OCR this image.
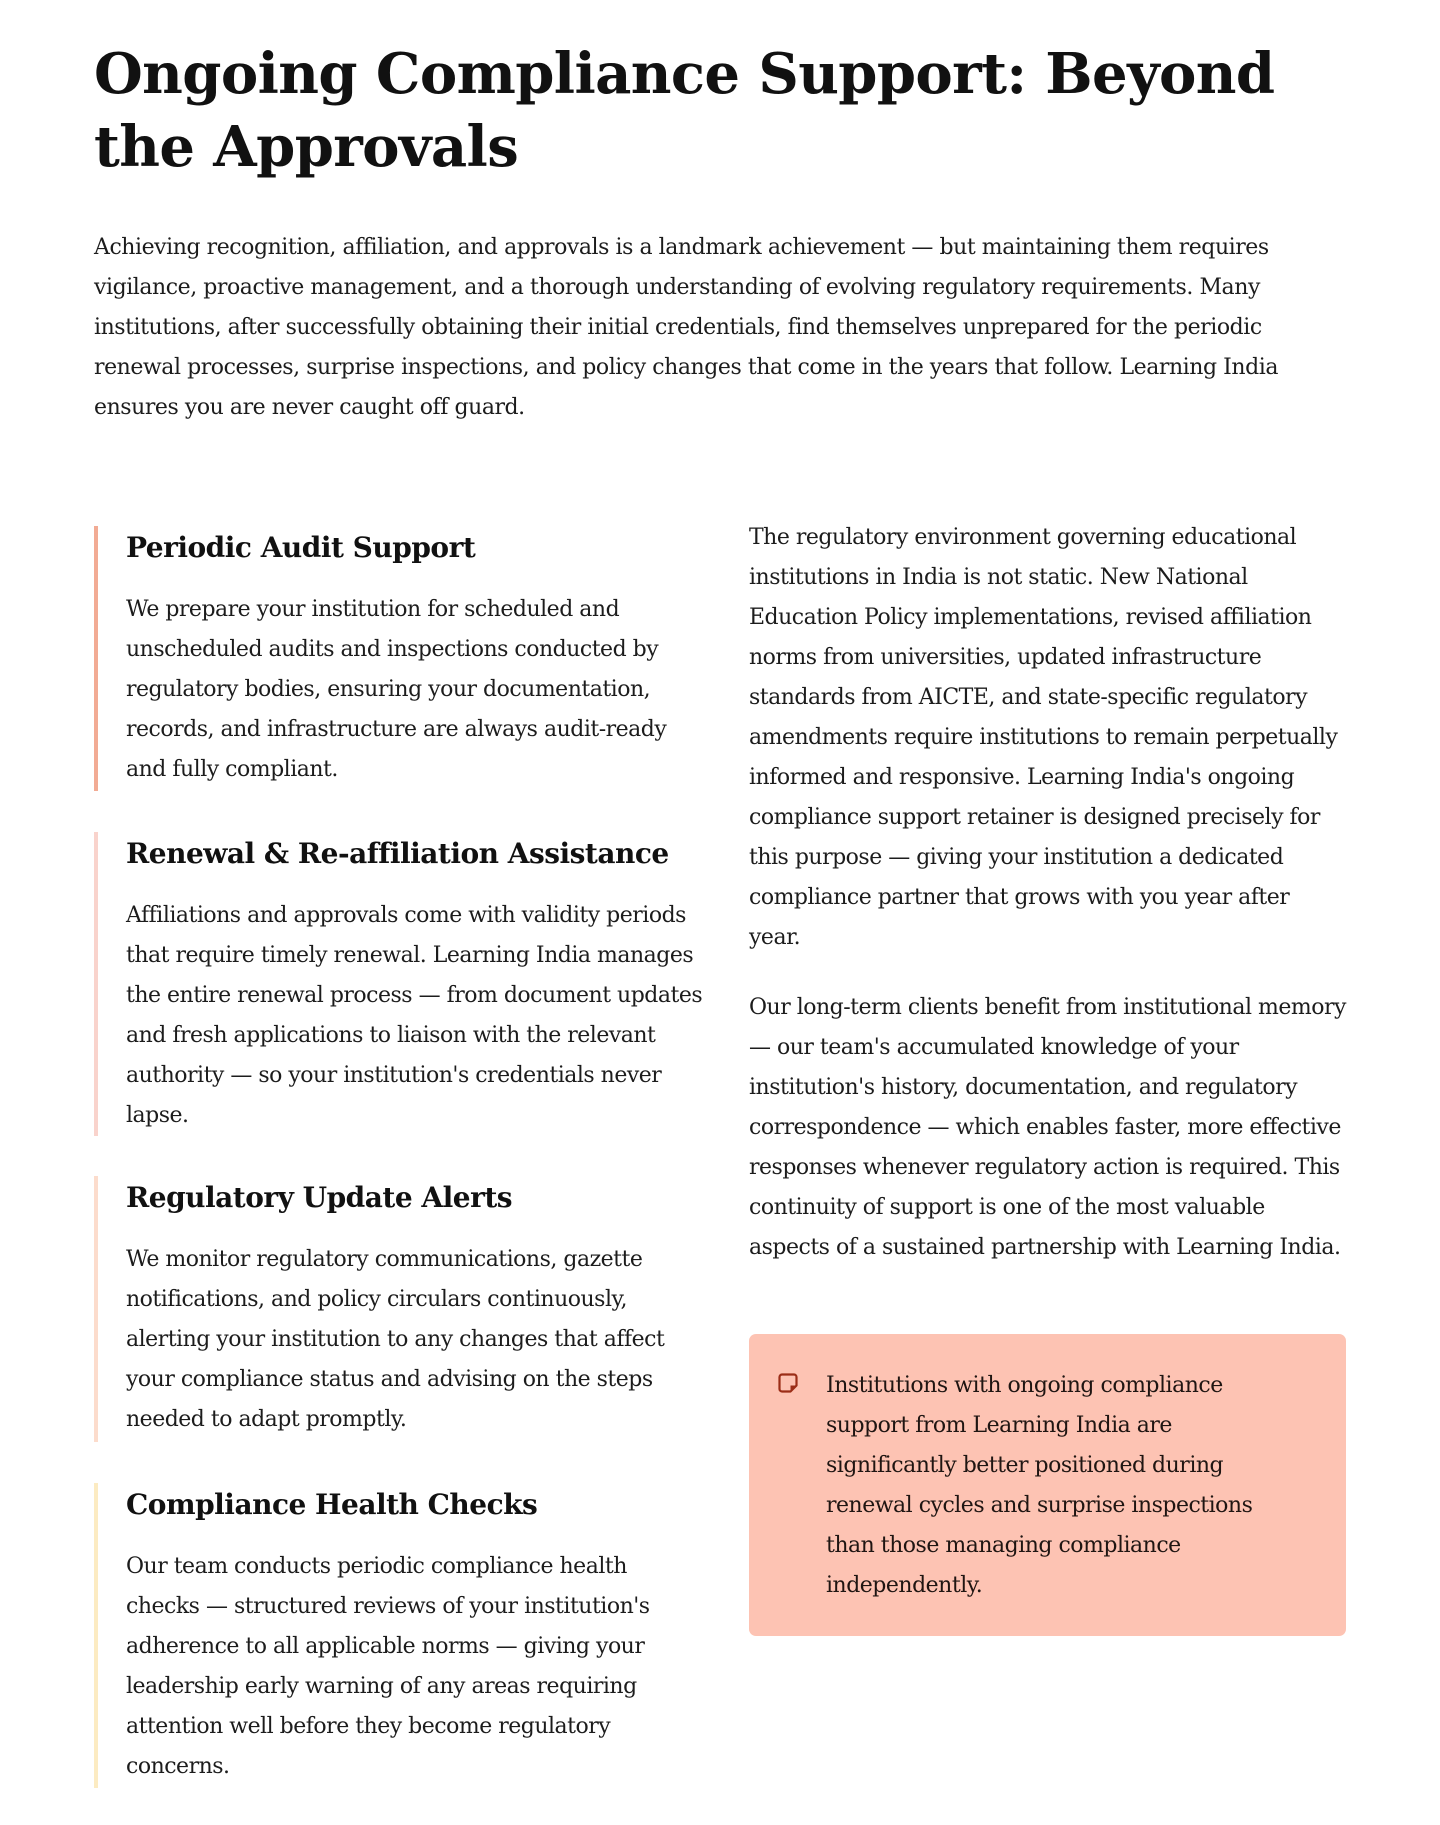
Ongoing Compliance Support: Beyond the Approvals

Achieving recognition, affiliation, and approvals is a landmark achievement — but maintaining them requires vigilance, proactive management, and a thorough understanding of evolving regulatory requirements. Many institutions, after successfully obtaining their initial credentials, find themselves unprepared for the periodic renewal processes, surprise inspections, and policy changes that come in the years that follow. Learning India ensures you are never caught off guard.

Periodic Audit Support

We prepare your institution for scheduled and unscheduled audits and inspections conducted by regulatory bodies, ensuring your documentation, records, and infrastructure are always audit-ready and fully compliant.

Renewal & Re-affiliation Assistance

Affiliations and approvals come with validity periods that require timely renewal. Learning India manages the entire renewal process — from document updates and fresh applications to liaison with the relevant authority — so your institution's credentials never lapse.

Regulatory Update Alerts

We monitor regulatory communications, gazette notifications, and policy circulars continuously, alerting your institution to any changes that affect your compliance status and advising on the steps needed to adapt promptly.

Compliance Health Checks

Our team conducts periodic compliance health checks — structured reviews of your institution's adherence to all applicable norms — giving your leadership early warning of any areas requiring attention well before they become regulatory concerns.

The regulatory environment governing educational institutions in India is not static. New National Education Policy implementations, revised affiliation norms from universities, updated infrastructure standards from AICTE, and state-specific regulatory amendments require institutions to remain perpetually informed and responsive. Learning India's ongoing compliance support retainer is designed precisely for this purpose — giving your institution a dedicated compliance partner that grows with you year after year.

Our long-term clients benefit from institutional memory — our team's accumulated knowledge of your institution's history, documentation, and regulatory correspondence — which enables faster, more effective responses whenever regulatory action is required. This continuity of support is one of the most valuable aspects of a sustained partnership with Learning India.

Institutions with ongoing compliance support from Learning India are significantly better positioned during renewal cycles and surprise inspections than those managing compliance independently.
